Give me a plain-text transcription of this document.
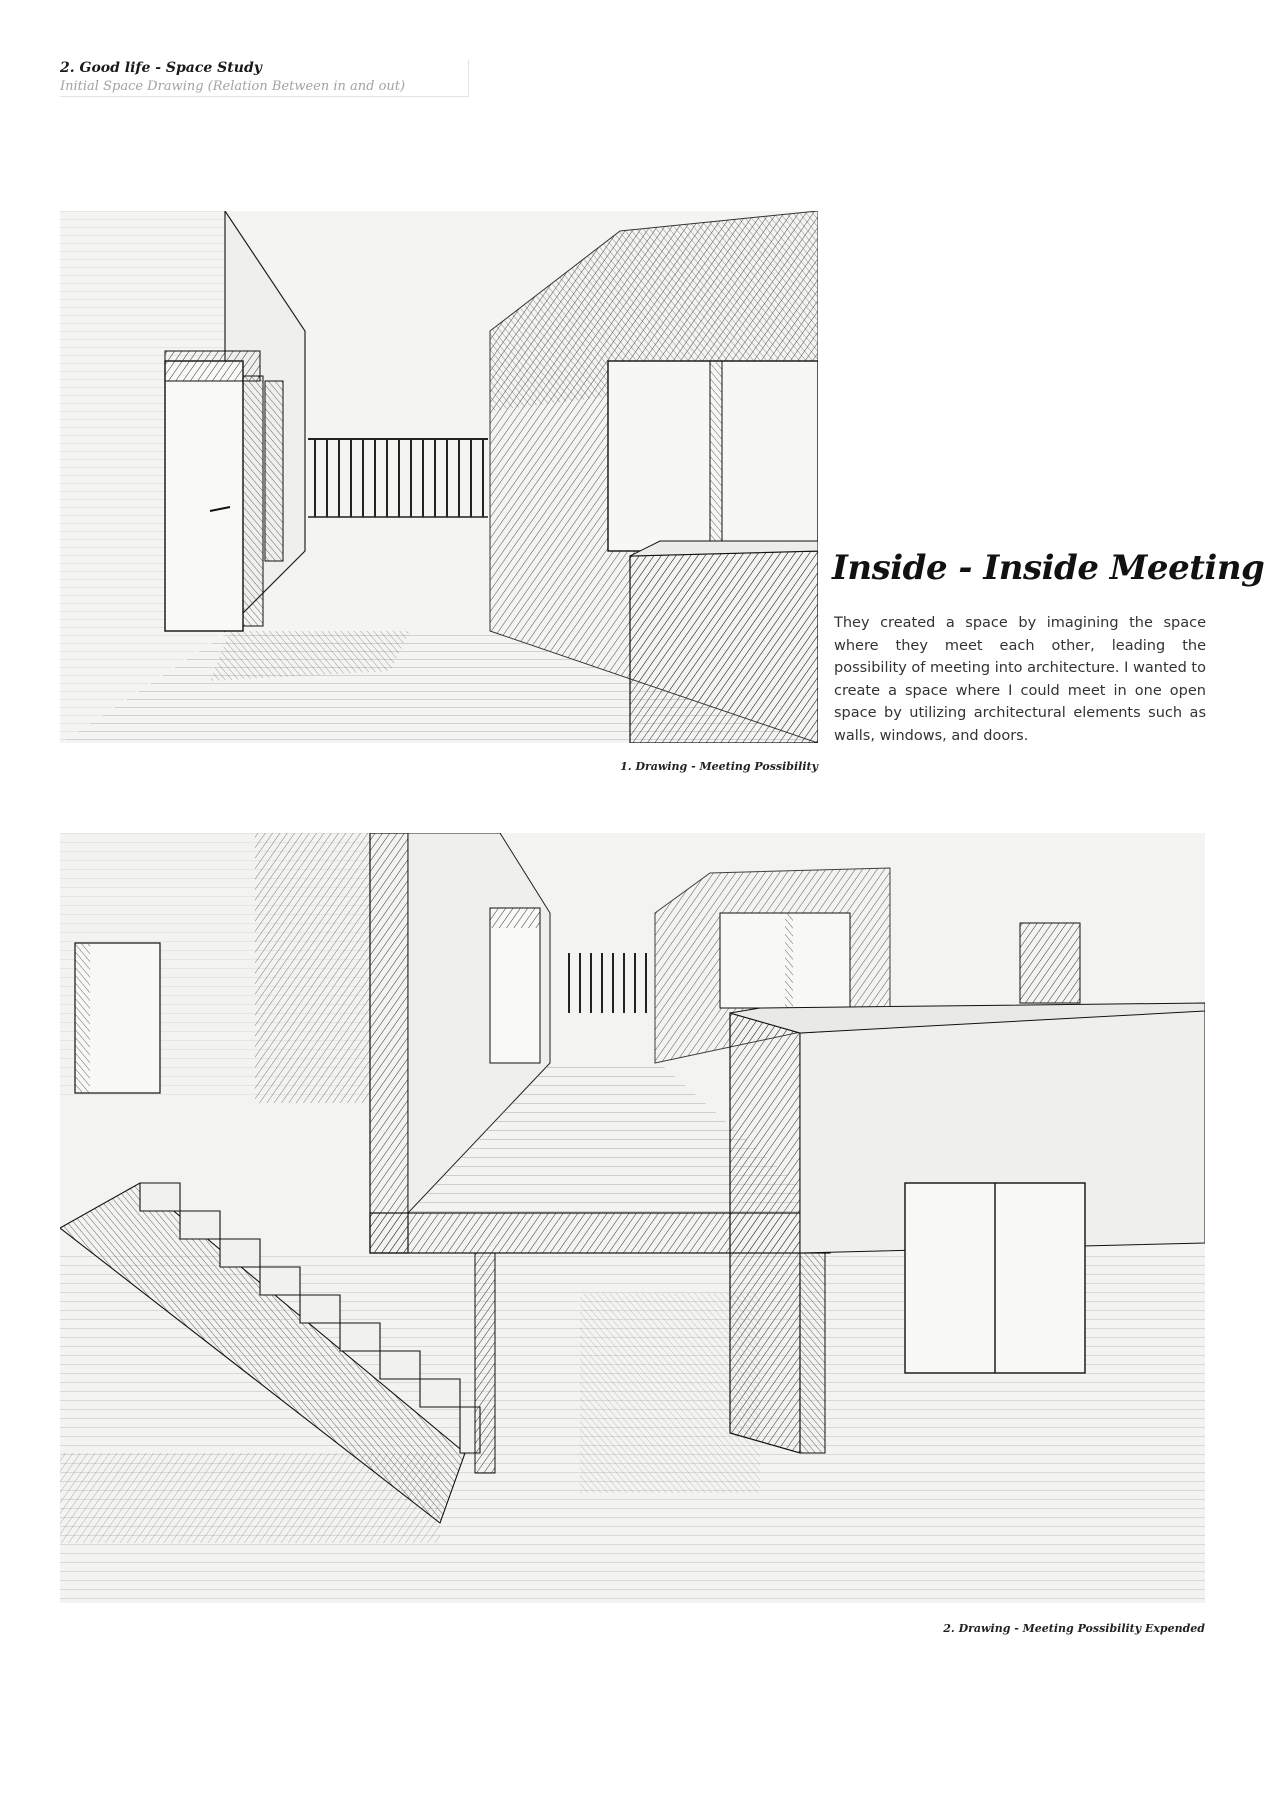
2. Good life - Space Study
Initial Space Drawing (Relation Between in and out)
1. Drawing - Meeting Possibility
Inside - Inside Meeting
They created a space by imagining the space where they meet each other, leading the possibility of meeting into architecture. I wanted to create a space where I could meet in one open space by utilizing architectural elements such as walls, windows, and doors.
2. Drawing - Meeting Possibility Expended
